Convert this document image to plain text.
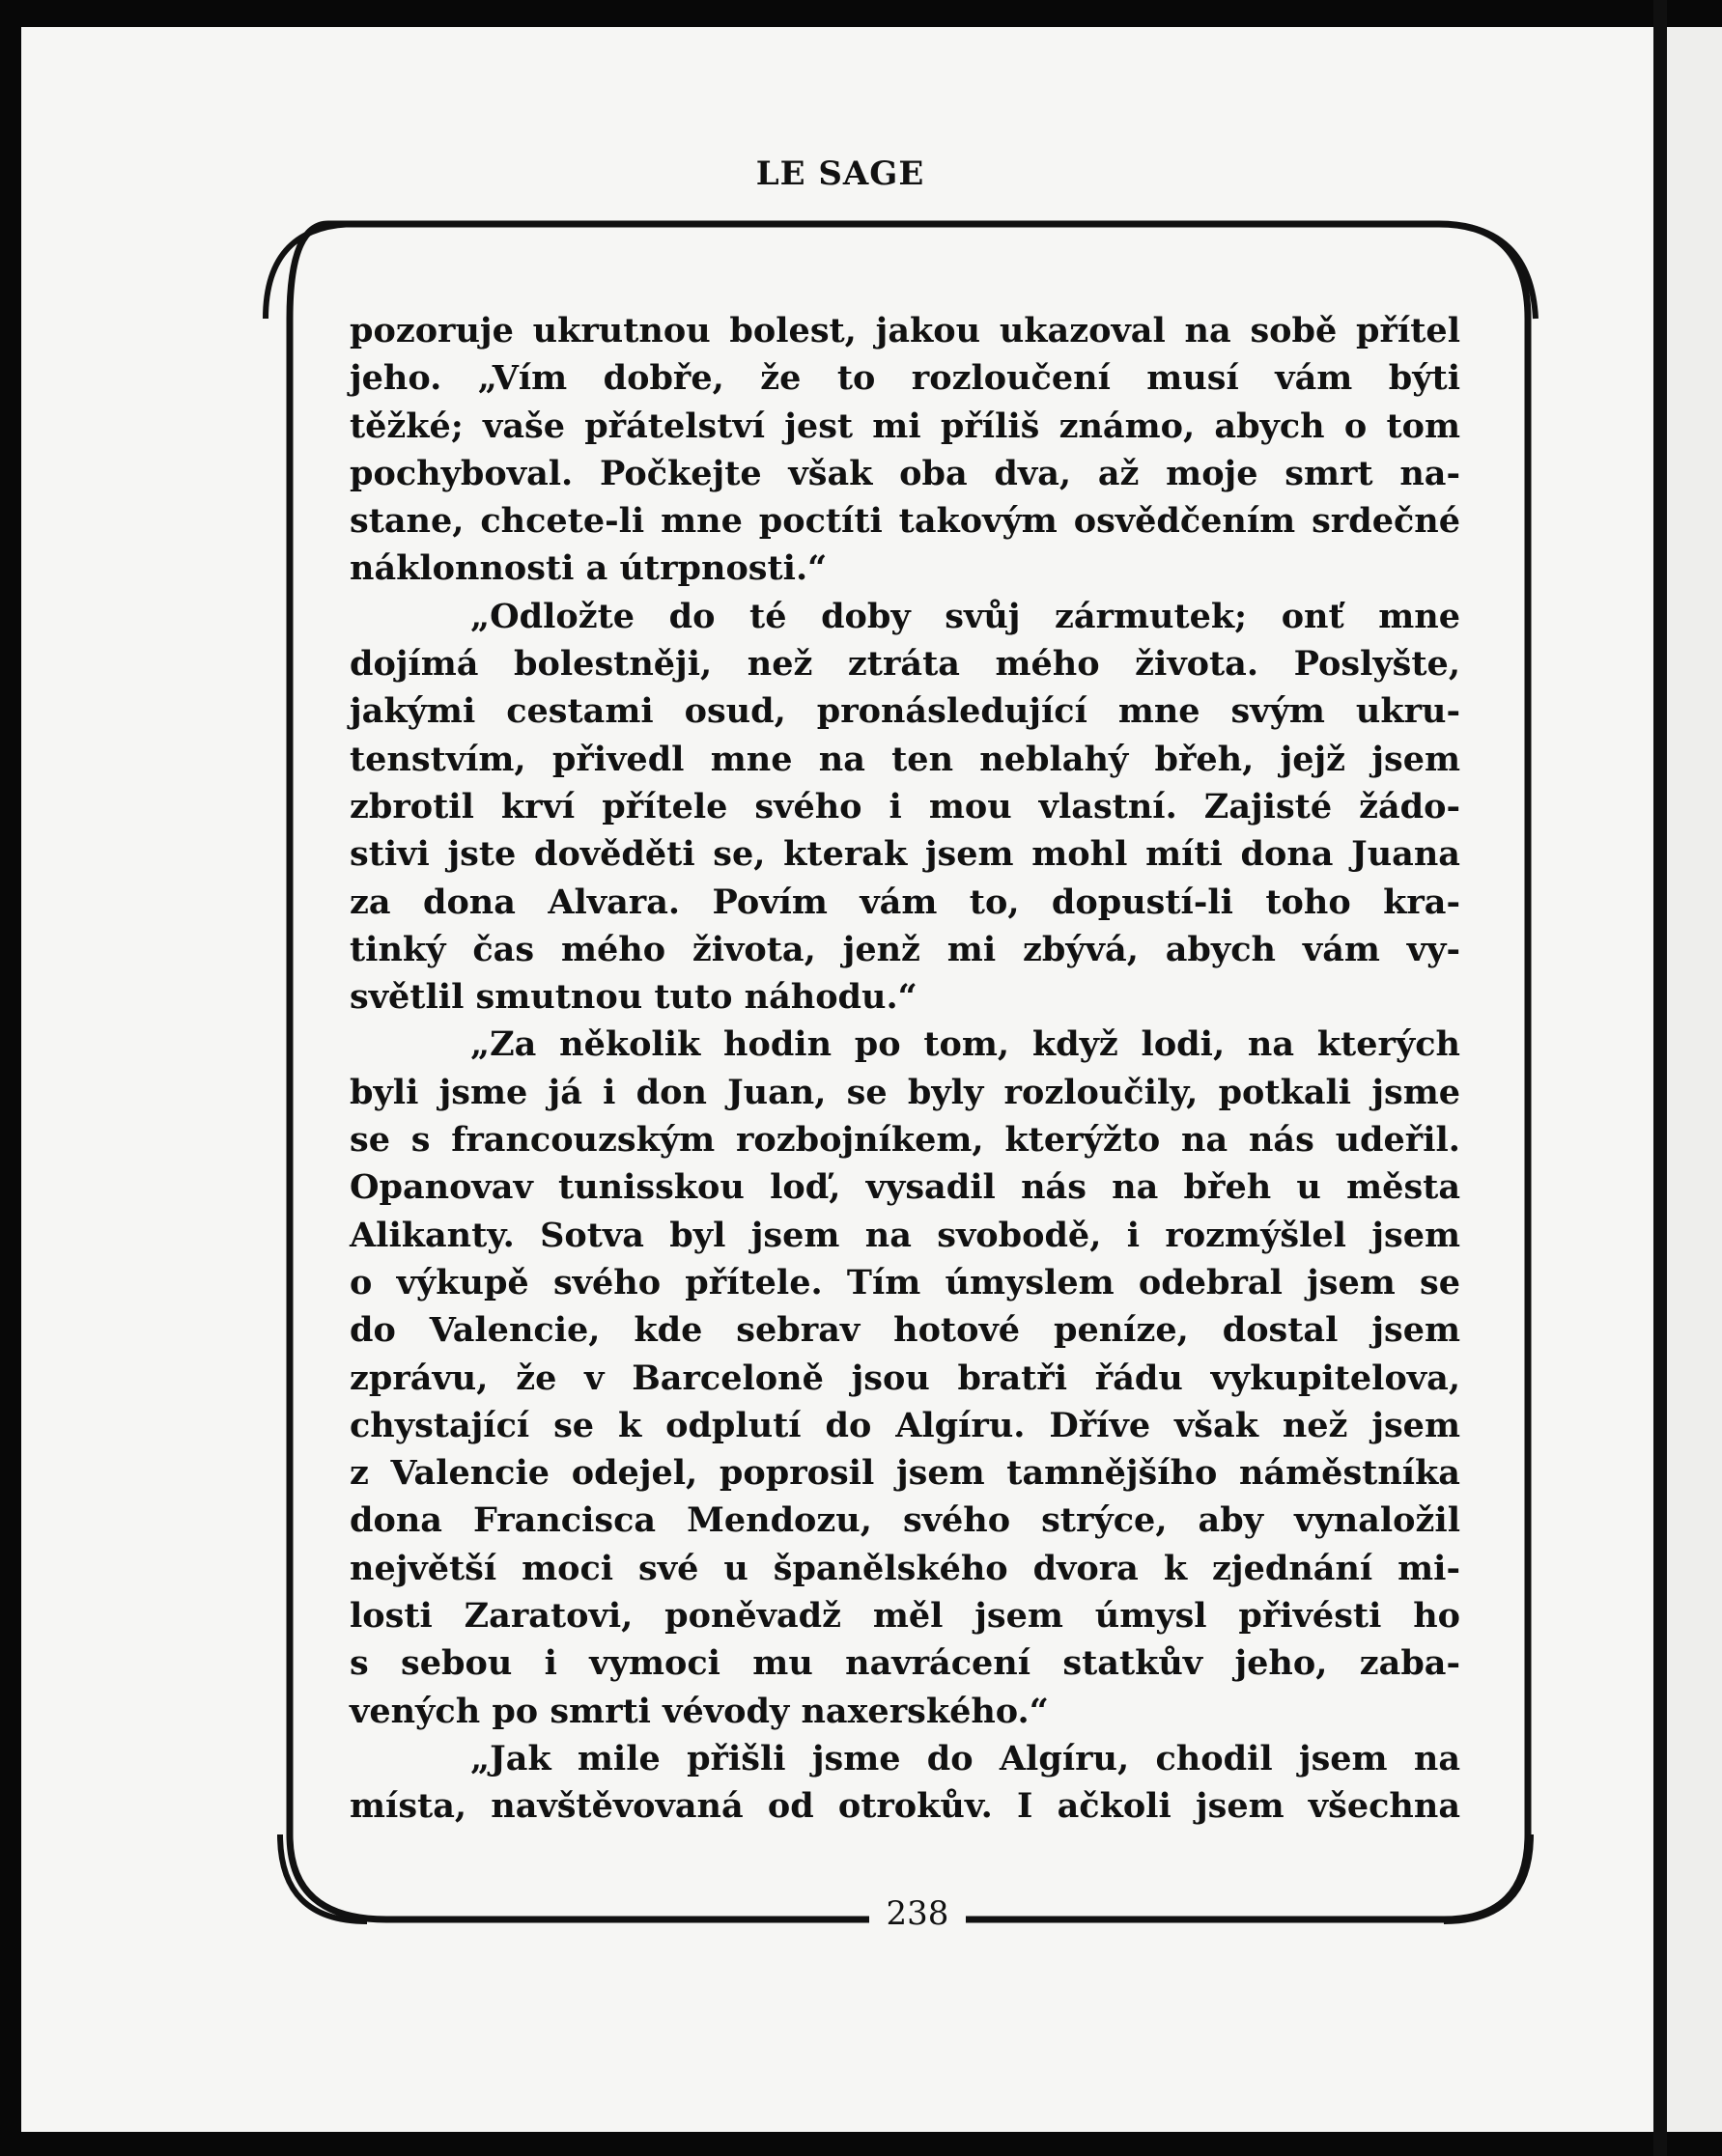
LE SAGE
238
pozoruje ukrutnou bolest, jakou ukazoval na sobě přítel
jeho. „Vím dobře, že to rozloučení musí vám býti
těžké; vaše přátelství jest mi příliš známo, abych o tom
pochyboval. Počkejte však oba dva, až moje smrt na-
stane, chcete-li mne poctíti takovým osvědčením srdečné
náklonnosti a útrpnosti.“
„Odložte do té doby svůj zármutek; onť mne
dojímá bolestněji, než ztráta mého života. Poslyšte,
jakými cestami osud, pronásledující mne svým ukru-
tenstvím, přivedl mne na ten neblahý břeh, jejž jsem
zbrotil krví přítele svého i mou vlastní. Zajisté žádo-
stivi jste dověděti se, kterak jsem mohl míti dona Juana
za dona Alvara. Povím vám to, dopustí-li toho kra-
tinký čas mého života, jenž mi zbývá, abych vám vy-
světlil smutnou tuto náhodu.“
„Za několik hodin po tom, když lodi, na kterých
byli jsme já i don Juan, se byly rozloučily, potkali jsme
se s francouzským rozbojníkem, kterýžto na nás udeřil.
Opanovav tunisskou loď, vysadil nás na břeh u města
Alikanty. Sotva byl jsem na svobodě, i rozmýšlel jsem
o výkupě svého přítele. Tím úmyslem odebral jsem se
do Valencie, kde sebrav hotové peníze, dostal jsem
zprávu, že v Barceloně jsou bratři řádu vykupitelova,
chystající se k odplutí do Algíru. Dříve však než jsem
z Valencie odejel, poprosil jsem tamnějšího náměstníka
dona Francisca Mendozu, svého strýce, aby vynaložil
největší moci své u španělského dvora k zjednání mi-
losti Zaratovi, poněvadž měl jsem úmysl přivésti ho
s sebou i vymoci mu navrácení statkův jeho, zaba-
vených po smrti vévody naxerského.“
„Jak mile přišli jsme do Algíru, chodil jsem na
místa, navštěvovaná od otrokův. I ačkoli jsem všechna
